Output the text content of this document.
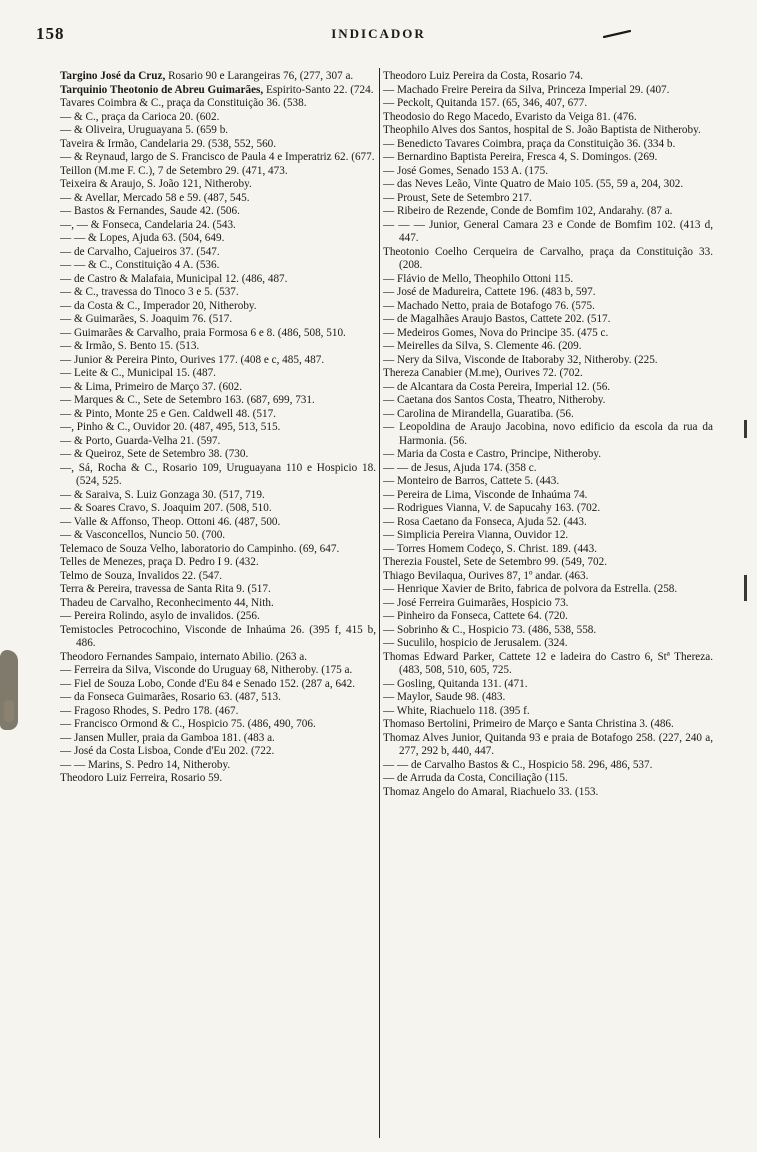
158	INDICADOR

Targino José da Cruz, Rosario 90 e Larangeiras 76, (277, 307 a.

Tarquinio Theotonio de Abreu Guimarães, Espirito-Santo 22. (724.

Tavares Coimbra & C., praça da Constituição 36. (538.

— & C., praça da Carioca 20. (602.

— & Oliveira, Uruguayana 5. (659 b.

Taveira & Irmão, Candelaria 29. (538, 552, 560.

— & Reynaud, largo de S. Francisco de Paula 4 e Imperatriz 62. (677.

Teillon (M.me F. C.), 7 de Setembro 29. (471, 473.

Teixeira & Araujo, S. João 121, Nitheroby.

— & Avellar, Mercado 58 e 59. (487, 545.

— Bastos & Fernandes, Saude 42. (506.

—, — & Fonseca, Candelaria 24. (543.

— — & Lopes, Ajuda 63. (504, 649.

— de Carvalho, Cajueiros 37. (547.

— — & C., Constituição 4 A. (536.

— de Castro & Malafaia, Municipal 12. (486, 487.

— & C., travessa do Tinoco 3 e 5. (537.

— da Costa & C., Imperador 20, Nitheroby.

— & Guimarães, S. Joaquim 76. (517.

— Guimarães & Carvalho, praia Formosa 6 e 8. (486, 508, 510.

— & Irmão, S. Bento 15. (513.

— Junior & Pereira Pinto, Ourives 177. (408 e c, 485, 487.

— Leite & C., Municipal 15. (487.

— & Lima, Primeiro de Março 37. (602.

— Marques & C., Sete de Setembro 163. (687, 699, 731.

— & Pinto, Monte 25 e Gen. Caldwell 48. (517.

—, Pinho & C., Ouvidor 20. (487, 495, 513, 515.

— & Porto, Guarda-Velha 21. (597.

— & Queiroz, Sete de Setembro 38. (730.

—, Sá, Rocha & C., Rosario 109, Uruguayana 110 e Hospicio 18. (524, 525.

— & Saraiva, S. Luiz Gonzaga 30. (517, 719.

— & Soares Cravo, S. Joaquim 207. (508, 510.

— Valle & Affonso, Theop. Ottoni 46. (487, 500.

— & Vasconcellos, Nuncio 50. (700.

Telemaco de Souza Velho, laboratorio do Campinho. (69, 647.

Telles de Menezes, praça D. Pedro I 9. (432.

Telmo de Souza, Invalidos 22. (547.

Terra & Pereira, travessa de Santa Rita 9. (517.

Thadeu de Carvalho, Reconhecimento 44, Nith.

— Pereira Rolindo, asylo de invalidos. (256.

Temistocles Petrocochino, Visconde de Inhaúma 26. (395 f, 415 b, 486.

Theodoro Fernandes Sampaio, internato Abilio. (263 a.

— Ferreira da Silva, Visconde do Uruguay 68, Nitheroby. (175 a.

— Fiel de Souza Lobo, Conde d'Eu 84 e Senado 152. (287 a, 642.

— da Fonseca Guimarães, Rosario 63. (487, 513.

— Fragoso Rhodes, S. Pedro 178. (467.

— Francisco Ormond & C., Hospicio 75. (486, 490, 706.

— Jansen Muller, praia da Gamboa 181. (483 a.

— José da Costa Lisboa, Conde d'Eu 202. (722.

— — Marins, S. Pedro 14, Nitheroby.

Theodoro Luiz Ferreira, Rosario 59.

Theodoro Luiz Pereira da Costa, Rosario 74.

— Machado Freire Pereira da Silva, Princeza Imperial 29. (407.

— Peckolt, Quitanda 157. (65, 346, 407, 677.

Theodosio do Rego Macedo, Evaristo da Veiga 81. (476.

Theophilo Alves dos Santos, hospital de S. João Baptista de Nitheroby.

— Benedicto Tavares Coimbra, praça da Constituição 36. (334 b.

— Bernardino Baptista Pereira, Fresca 4, S. Domingos. (269.

— José Gomes, Senado 153 A. (175.

— das Neves Leão, Vinte Quatro de Maio 105. (55, 59 a, 204, 302.

— Proust, Sete de Setembro 217.

— Ribeiro de Rezende, Conde de Bomfim 102, Andarahy. (87 a.

— — — Junior, General Camara 23 e Conde de Bomfim 102. (413 d, 447.

Theotonio Coelho Cerqueira de Carvalho, praça da Constituição 33. (208.

— Flávio de Mello, Theophilo Ottoni 115.

— José de Madureira, Cattete 196. (483 b, 597.

— Machado Netto, praia de Botafogo 76. (575.

— de Magalhães Araujo Bastos, Cattete 202. (517.

— Medeiros Gomes, Nova do Principe 35. (475 c.

— Meirelles da Silva, S. Clemente 46. (209.

— Nery da Silva, Visconde de Itaboraby 32, Nitheroby. (225.

Thereza Canabier (M.me), Ourives 72. (702.

— de Alcantara da Costa Pereira, Imperial 12. (56.

— Caetana dos Santos Costa, Theatro, Nitheroby.

— Carolina de Mirandella, Guaratiba. (56.

— Leopoldina de Araujo Jacobina, novo edificio da escola da rua da Harmonia. (56.

— Maria da Costa e Castro, Principe, Nitheroby.

— — de Jesus, Ajuda 174. (358 c.

— Monteiro de Barros, Cattete 5. (443.

— Pereira de Lima, Visconde de Inhaúma 74.

— Rodrigues Vianna, V. de Sapucahy 163. (702.

— Rosa Caetano da Fonseca, Ajuda 52. (443.

— Simplicia Pereira Vianna, Ouvidor 12.

— Torres Homem Codeço, S. Christ. 189. (443.

Therezia Foustel, Sete de Setembro 99. (549, 702.

Thiago Bevilaqua, Ourives 87, 1º andar. (463.

— Henrique Xavier de Brito, fabrica de polvora da Estrella. (258.

— José Ferreira Guimarães, Hospicio 73.

— Pinheiro da Fonseca, Cattete 64. (720.

— Sobrinho & C., Hospicio 73. (486, 538, 558.

— Suculilo, hospicio de Jerusalem. (324.

Thomas Edward Parker, Cattete 12 e ladeira do Castro 6, Stª Thereza. (483, 508, 510, 605, 725.

— Gosling, Quitanda 131. (471.

— Maylor, Saude 98. (483.

— White, Riachuelo 118. (395 f.

Thomaso Bertolini, Primeiro de Março e Santa Christina 3. (486.

Thomaz Alves Junior, Quitanda 93 e praia de Botafogo 258. (227, 240 a, 277, 292 b, 440, 447.

— — de Carvalho Bastos & C., Hospicio 58. 296, 486, 537.

— de Arruda da Costa, Conciliação (115.

Thomaz Angelo do Amaral, Riachuelo 33. (153.
